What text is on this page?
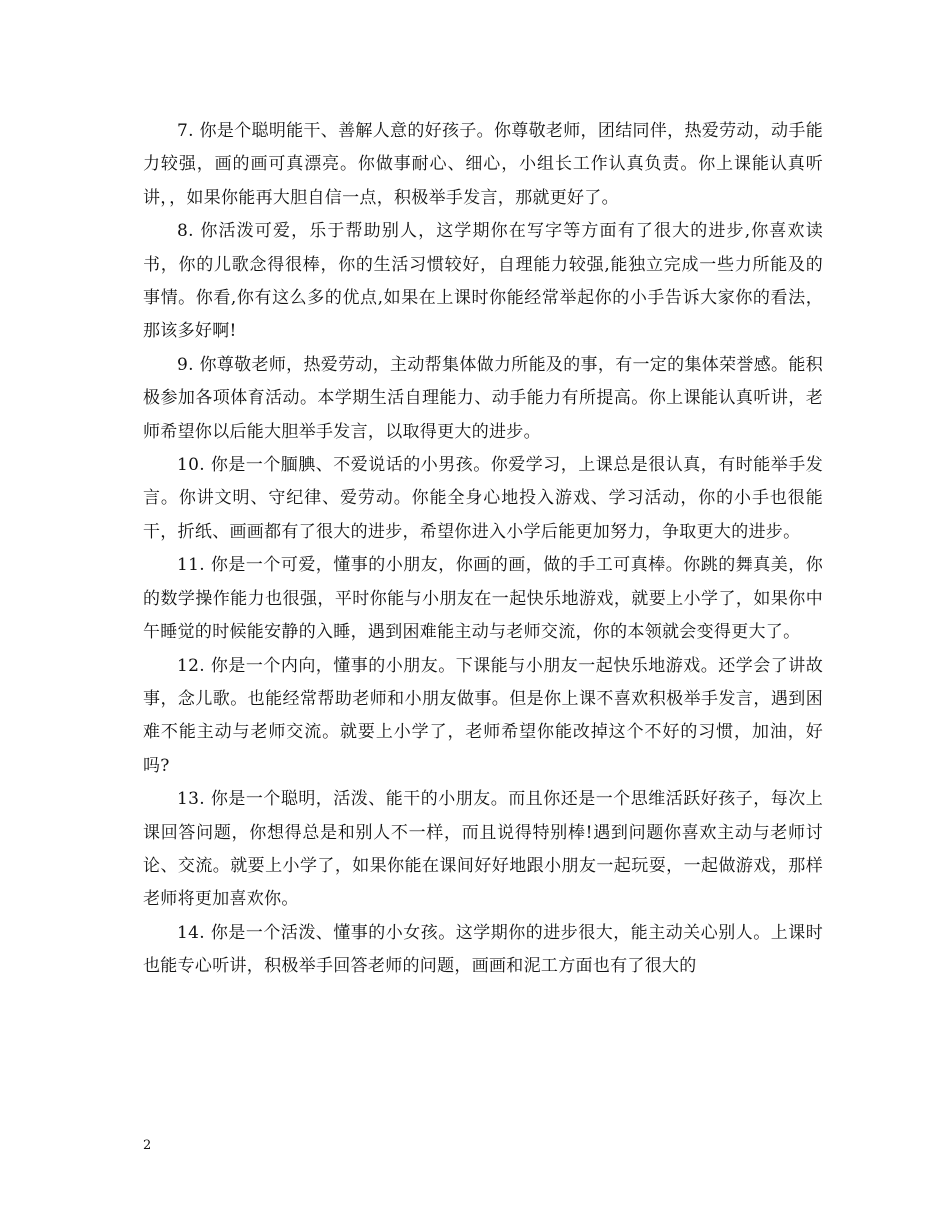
7. 你是个聪明能干、善解人意的好孩子。你尊敬老师，团结同伴，热爱劳动，动手能力较强，画的画可真漂亮。你做事耐心、细心，小组长工作认真负责。你上课能认真听讲，，如果你能再大胆自信一点，积极举手发言，那就更好了。

8. 你活泼可爱，乐于帮助别人，这学期你在写字等方面有了很大的进步,你喜欢读书，你的儿歌念得很棒，你的生活习惯较好，自理能力较强,能独立完成一些力所能及的事情。你看,你有这么多的优点,如果在上课时你能经常举起你的小手告诉大家你的看法，那该多好啊!

9. 你尊敬老师，热爱劳动，主动帮集体做力所能及的事，有一定的集体荣誉感。能积极参加各项体育活动。本学期生活自理能力、动手能力有所提高。你上课能认真听讲，老师希望你以后能大胆举手发言，以取得更大的进步。

10. 你是一个腼腆、不爱说话的小男孩。你爱学习，上课总是很认真，有时能举手发言。你讲文明、守纪律、爱劳动。你能全身心地投入游戏、学习活动，你的小手也很能干，折纸、画画都有了很大的进步，希望你进入小学后能更加努力，争取更大的进步。

11. 你是一个可爱，懂事的小朋友，你画的画，做的手工可真棒。你跳的舞真美，你的数学操作能力也很强，平时你能与小朋友在一起快乐地游戏，就要上小学了，如果你中午睡觉的时候能安静的入睡，遇到困难能主动与老师交流，你的本领就会变得更大了。

12. 你是一个内向，懂事的小朋友。下课能与小朋友一起快乐地游戏。还学会了讲故事，念儿歌。也能经常帮助老师和小朋友做事。但是你上课不喜欢积极举手发言，遇到困难不能主动与老师交流。就要上小学了，老师希望你能改掉这个不好的习惯，加油，好吗?

13. 你是一个聪明，活泼、能干的小朋友。而且你还是一个思维活跃好孩子，每次上课回答问题，你想得总是和别人不一样，而且说得特别棒!遇到问题你喜欢主动与老师讨论、交流。就要上小学了，如果你能在课间好好地跟小朋友一起玩耍，一起做游戏，那样老师将更加喜欢你。

14. 你是一个活泼、懂事的小女孩。这学期你的进步很大，能主动关心别人。上课时也能专心听讲，积极举手回答老师的问题，画画和泥工方面也有了很大的

2
